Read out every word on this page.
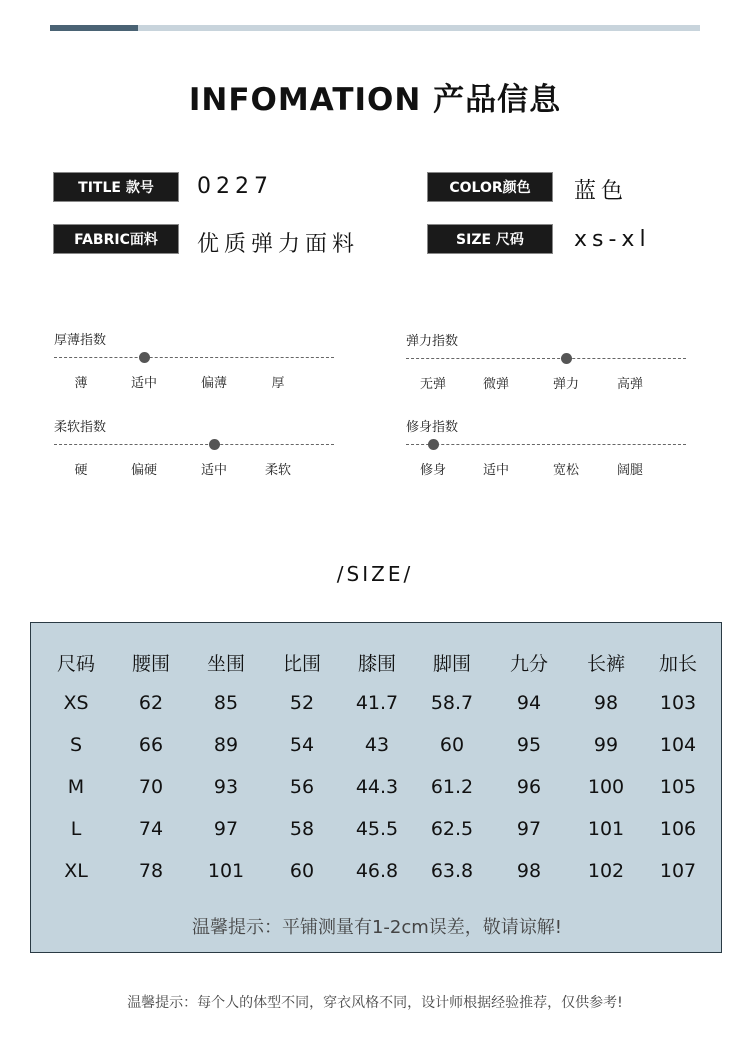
INFOMATION 产品信息
TITLE 款号	0227	COLOR颜色	蓝色
FABRIC面料	优质弹力面料	SIZE 尺码	xs-xl
厚薄指数
薄	适中	偏薄	厚
弹力指数
无弹	微弹	弹力	高弹
柔软指数
硬	偏硬	适中	柔软
修身指数
修身	适中	宽松	阔腿
/SIZE/
温馨提示：平铺测量有1-2cm误差，敬请谅解!
尺码	腰围	坐围	比围	膝围	脚围	九分	长裤	加长
XS	62	85	52	41.7	58.7	94	98	103
S	66	89	54	43	60	95	99	104
M	70	93	56	44.3	61.2	96	100	105
L	74	97	58	45.5	62.5	97	101	106
XL	78	101	60	46.8	63.8	98	102	107
温馨提示：每个人的体型不同，穿衣风格不同，设计师根据经验推荐，仅供参考!
